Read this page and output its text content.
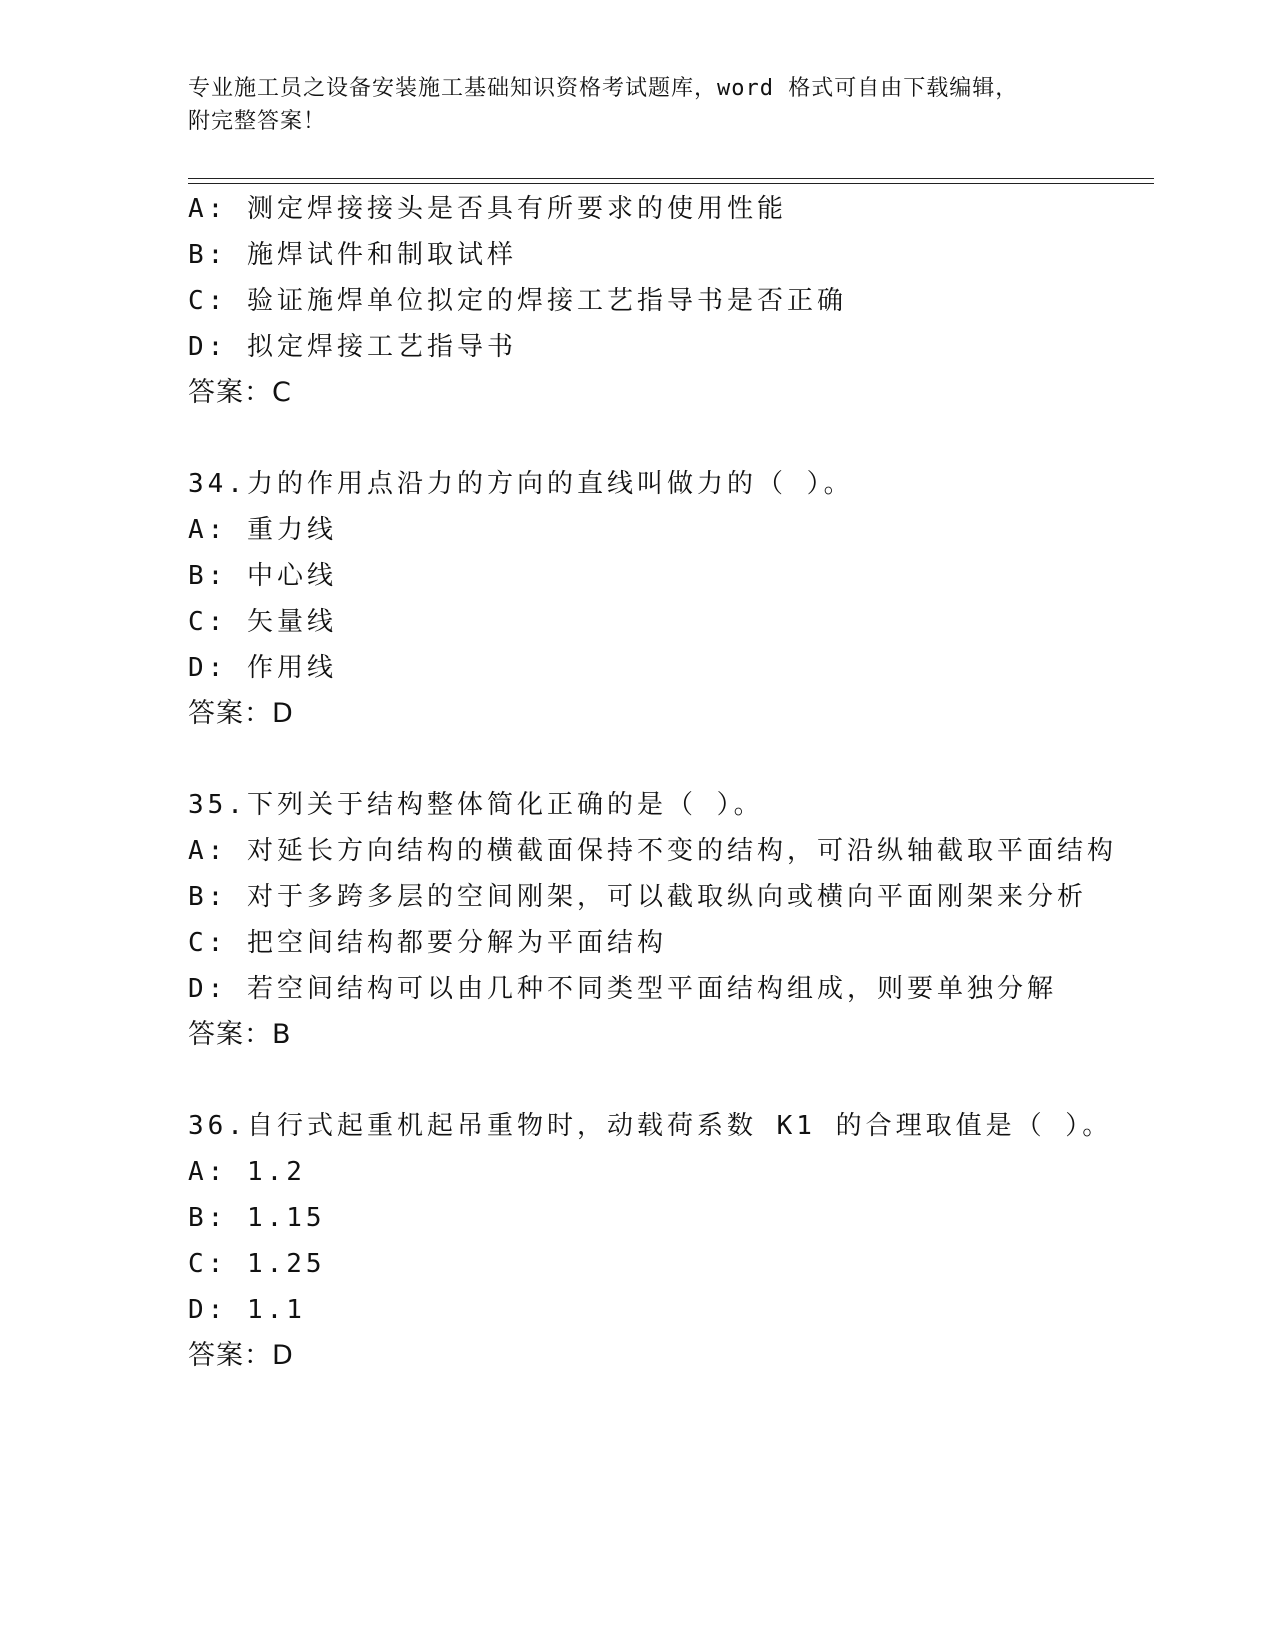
专业施工员之设备安装施工基础知识资格考试题库，word 格式可自由下载编辑，
附完整答案！
A: 测定焊接接头是否具有所要求的使用性能
B: 施焊试件和制取试样
C: 验证施焊单位拟定的焊接工艺指导书是否正确
D: 拟定焊接工艺指导书
答案：C
34.力的作用点沿力的方向的直线叫做力的（ ）。
A: 重力线
B: 中心线
C: 矢量线
D: 作用线
答案：D
35.下列关于结构整体简化正确的是（ ）。
A: 对延长方向结构的横截面保持不变的结构，可沿纵轴截取平面结构
B: 对于多跨多层的空间刚架，可以截取纵向或横向平面刚架来分析
C: 把空间结构都要分解为平面结构
D: 若空间结构可以由几种不同类型平面结构组成，则要单独分解
答案：B
36.自行式起重机起吊重物时，动载荷系数 K1 的合理取值是（ ）。
A: 1.2
B: 1.15
C: 1.25
D: 1.1
答案：D
